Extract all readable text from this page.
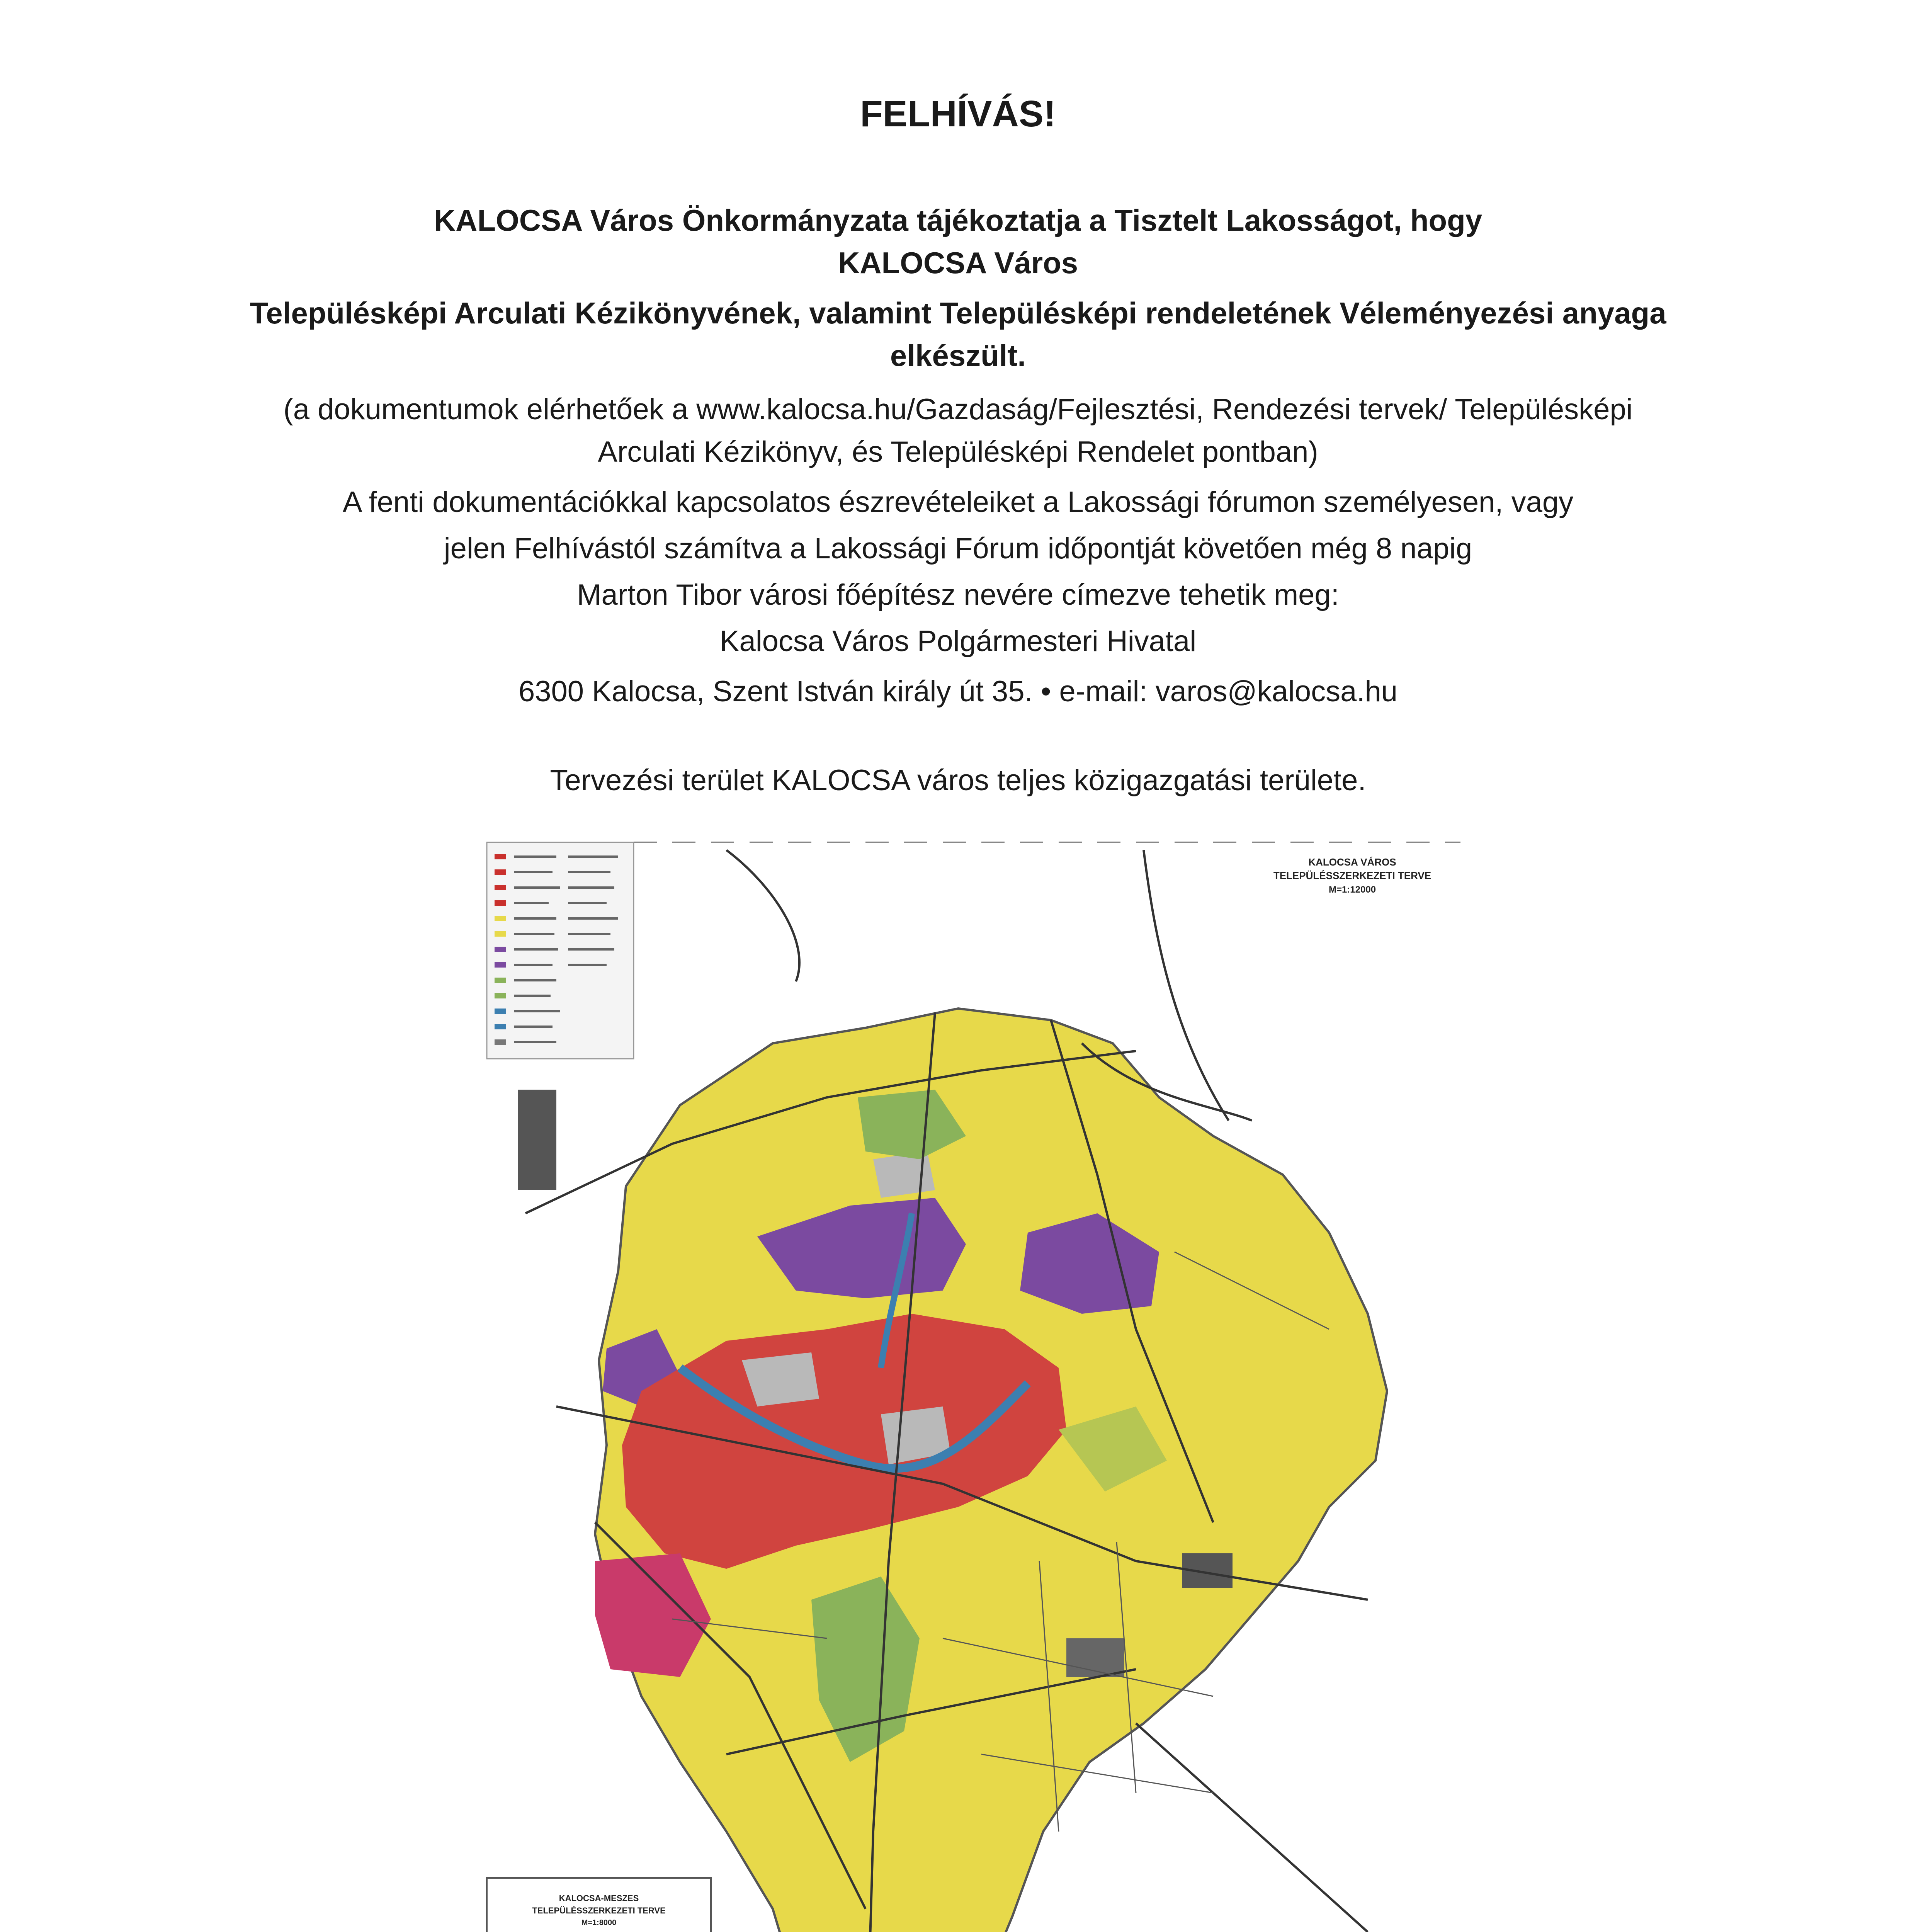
FELHÍVÁS!
KALOCSA Város Önkormányzata tájékoztatja a Tisztelt Lakosságot, hogy
KALOCSA Város
Településképi Arculati Kézikönyvének, valamint Településképi rendeletének Véleményezési anyaga
elkészült.
(a dokumentumok elérhetőek a www.kalocsa.hu/Gazdaság/Fejlesztési, Rendezési tervek/ Településképi
Arculati Kézikönyv, és Településképi Rendelet pontban)
A fenti dokumentációkkal kapcsolatos észrevételeiket a Lakossági fórumon személyesen, vagy
jelen Felhívástól számítva a Lakossági Fórum időpontját követően még 8 napig
Marton Tibor városi főépítész nevére címezve tehetik meg:
Kalocsa Város Polgármesteri Hivatal
6300 Kalocsa, Szent István király út 35. • e-mail: varos@kalocsa.hu
Tervezési terület KALOCSA város teljes közigazgatási területe.
KALOCSA VÁROS
TELEPÜLÉSSZERKEZETI TERVE
M=1:12000
KALOCSA-MESZES
TELEPÜLÉSSZERKEZETI TERVE
M=1:8000
